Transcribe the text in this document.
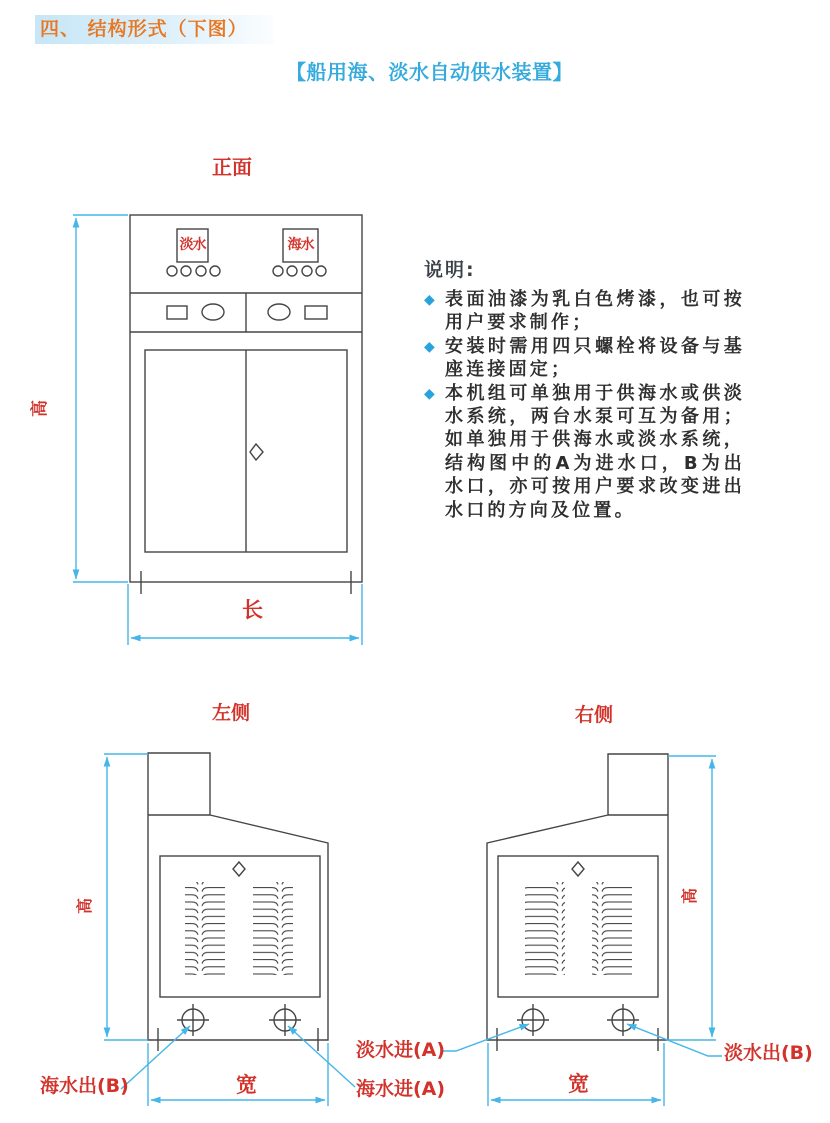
四、 结构形式（下图）
【船用海、淡水自动供水装置】
正面
高
长
淡水	海水
左侧
高
宽
海水出(B)	海水进(A)
右侧
高
宽
淡水进(A)	淡水出(B)
说明:
◆ 表面油漆为乳白色烤漆，也可按用户要求制作；
◆ 安装时需用四只螺栓将设备与基座连接固定；
◆ 本机组可单独用于供海水或供淡水系统，两台水泵可互为备用；如单独用于供海水或淡水系统，结构图中的A为进水口，B为出水口，亦可按用户要求改变进出水口的方向及位置。
